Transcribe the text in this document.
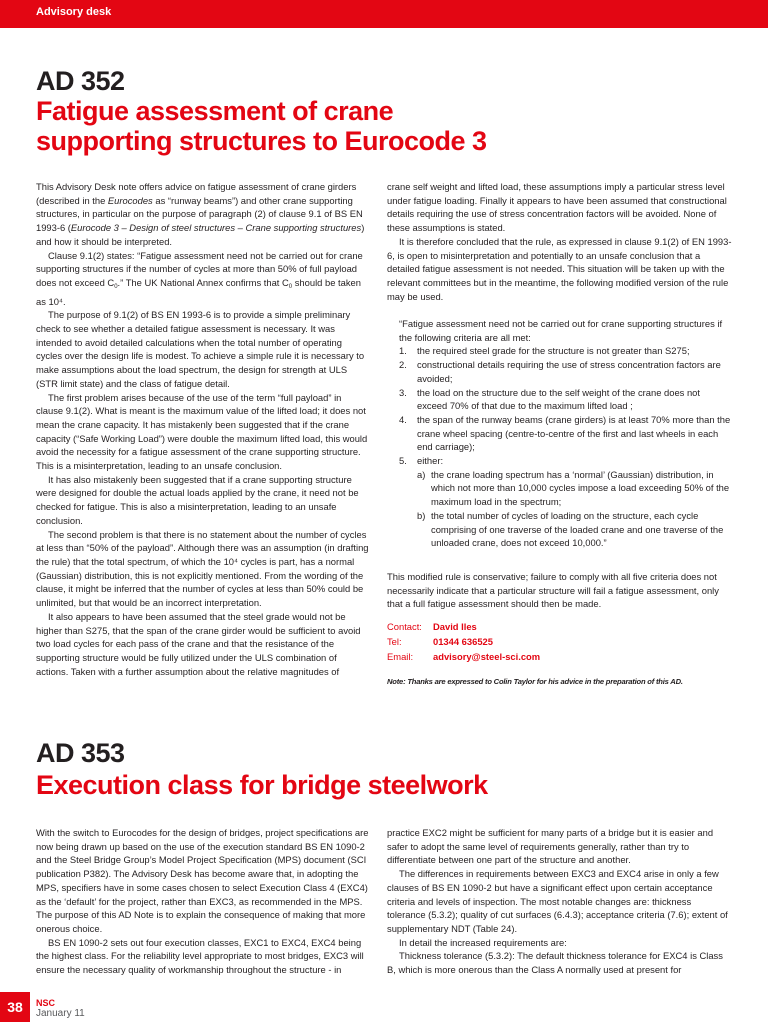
Advisory desk
AD 352
Fatigue assessment of crane
supporting structures to Eurocode 3

This Advisory Desk note offers advice on fatigue assessment of crane girders (described in the Eurocodes as “runway beams”) and other crane supporting structures, in particular on the purpose of paragraph (2) of clause 9.1 of BS EN 1993-6 (Eurocode 3 – Design of steel structures – Crane supporting structures) and how it should be interpreted.

Clause 9.1(2) states: “Fatigue assessment need not be carried out for crane supporting structures if the number of cycles at more than 50% of full payload does not exceed $C_0$.” The UK National Annex confirms that $C_0$ should be taken as 10⁴.

The purpose of 9.1(2) of BS EN 1993-6 is to provide a simple preliminary check to see whether a detailed fatigue assessment is necessary. It was intended to avoid detailed calculations when the total number of operating cycles over the design life is modest. To achieve a simple rule it is necessary to make assumptions about the load spectrum, the design for strength at ULS (STR limit state) and the class of fatigue detail.

The first problem arises because of the use of the term “full payload” in clause 9.1(2). What is meant is the maximum value of the lifted load; it does not mean the crane capacity. It has mistakenly been suggested that if the crane capacity (“Safe Working Load”) were double the maximum lifted load, this would avoid the necessity for a fatigue assessment of the crane supporting structure. This is a misinterpretation, leading to an unsafe conclusion.

It has also mistakenly been suggested that if a crane supporting structure were designed for double the actual loads applied by the crane, it need not be checked for fatigue. This is also a misinterpretation, leading to an unsafe conclusion.

The second problem is that there is no statement about the number of cycles at less than “50% of the payload”. Although there was an assumption (in drafting the rule) that the total spectrum, of which the 10⁴ cycles is part, has a normal (Gaussian) distribution, this is not explicitly mentioned. From the wording of the clause, it might be inferred that the number of cycles at less than 50% could be unlimited, but that would be an incorrect interpretation.

It also appears to have been assumed that the steel grade would not be higher than S275, that the span of the crane girder would be sufficient to avoid two load cycles for each pass of the crane and that the resistance of the supporting structure would be fully utilized under the ULS combination of actions. Taken with a further assumption about the relative magnitudes of

crane self weight and lifted load, these assumptions imply a particular stress level under fatigue loading. Finally it appears to have been assumed that constructional details requiring the use of stress concentration factors will be avoided. None of these assumptions is stated.

It is therefore concluded that the rule, as expressed in clause 9.1(2) of EN 1993-6, is open to misinterpretation and potentially to an unsafe conclusion that a detailed fatigue assessment is not needed. This situation will be taken up with the relevant committees but in the meantime, the following modified version of the rule may be used.

“Fatigue assessment need not be carried out for crane supporting structures if the following criteria are all met:

1. the required steel grade for the structure is not greater than S275;
2. constructional details requiring the use of stress concentration factors are avoided;
3. the load on the structure due to the self weight of the crane does not exceed 70% of that due to the maximum lifted load ;
4. the span of the runway beams (crane girders) is at least 70% more than the crane wheel spacing (centre-to-centre of the first and last wheels in each end carriage);
5. either:
a) the crane loading spectrum has a ‘normal’ (Gaussian) distribution, in which not more than 10,000 cycles impose a load exceeding 50% of the maximum load in the spectrum;
b) the total number of cycles of loading on the structure, each cycle comprising of one traverse of the loaded crane and one traverse of the unloaded crane, does not exceed 10,000.”

This modified rule is conservative; failure to comply with all five criteria does not necessarily indicate that a particular structure will fail a fatigue assessment, only that a full fatigue assessment should then be made.

Contact:	David Iles
Tel:	01344 636525
Email:	advisory@steel-sci.com
Note: Thanks are expressed to Colin Taylor for his advice in the preparation of this AD.
AD 353
Execution class for bridge steelwork

With the switch to Eurocodes for the design of bridges, project specifications are now being drawn up based on the use of the execution standard BS EN 1090-2 and the Steel Bridge Group’s Model Project Specification (MPS) document (SCI publication P382). The Advisory Desk has become aware that, in adopting the MPS, specifiers have in some cases chosen to select Execution Class 4 (EXC4) as the ‘default’ for the project, rather than EXC3, as recommended in the MPS. The purpose of this AD Note is to explain the consequence of making that more onerous choice.

BS EN 1090-2 sets out four execution classes, EXC1 to EXC4, EXC4 being the highest class. For the reliability level appropriate to most bridges, EXC3 will ensure the necessary quality of workmanship throughout the structure - in

practice EXC2 might be sufficient for many parts of a bridge but it is easier and safer to adopt the same level of requirements generally, rather than try to differentiate between one part of the structure and another.

The differences in requirements between EXC3 and EXC4 arise in only a few clauses of BS EN 1090-2 but have a significant effect upon certain acceptance criteria and levels of inspection. The most notable changes are: thickness tolerance (5.3.2); quality of cut surfaces (6.4.3); acceptance criteria (7.6); extent of supplementary NDT (Table 24).

In detail the increased requirements are:

Thickness tolerance (5.3.2): The default thickness tolerance for EXC4 is Class B, which is more onerous than the Class A normally used at present for

38	NSC
January 11
